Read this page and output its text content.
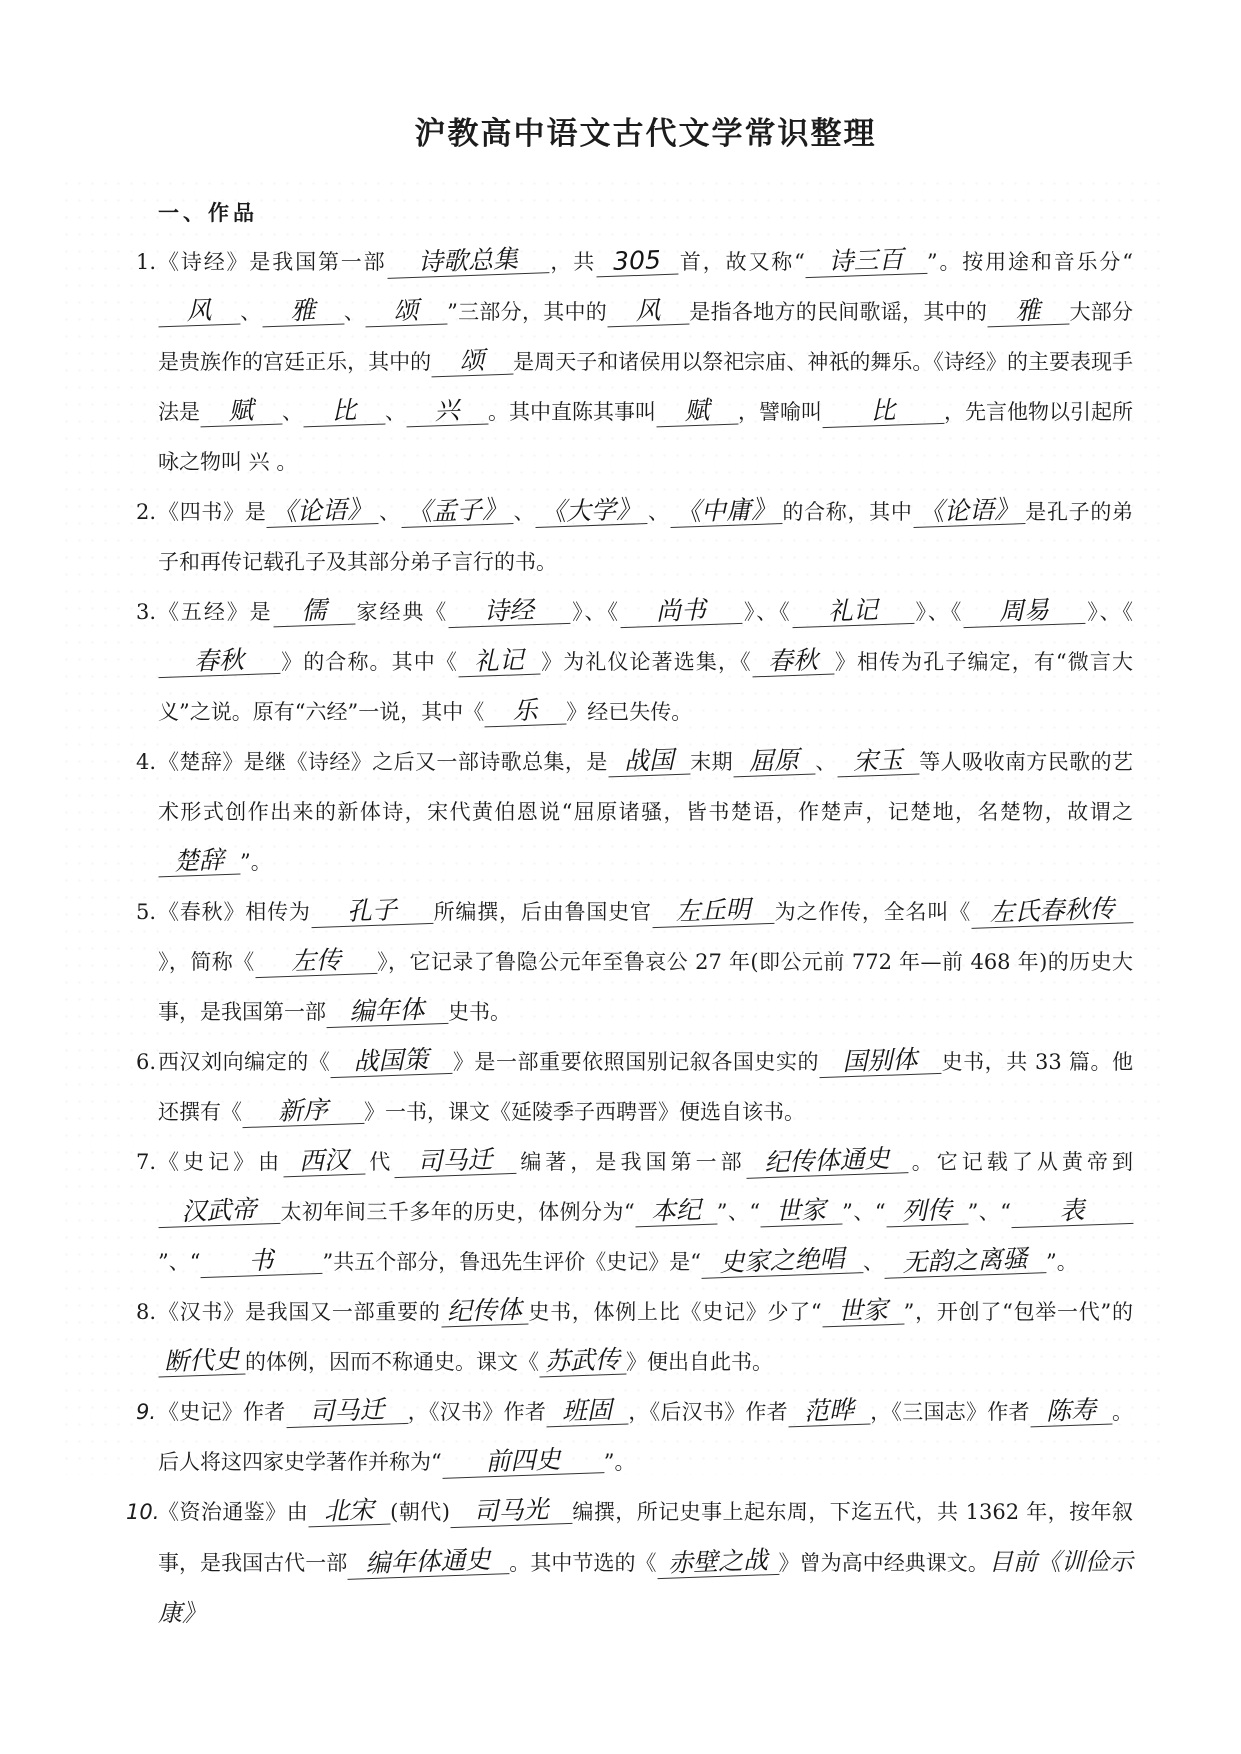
沪教高中语文古代文学常识整理
一、作品
1. 《诗经》是我国第一部 诗歌总集 ，共 305 首，故又称“ 诗三百 ”。按用途和音乐分“风 、 雅 、 颂 ”三部分，其中的 风 是指各地方的民间歌谣，其中的 雅 大部分是贵族作的宫廷正乐，其中的 颂 是周天子和诸侯用以祭祀宗庙、神祇的舞乐。《诗经》的主要表现手法是 赋 、 比 、 兴 。其中直陈其事叫 赋 ，譬喻叫 比 ，先言他物以引起所咏之物叫 兴 。
2. 《四书》是 《论语》 、 《孟子》 、 《大学》 、 《中庸》 的合称，其中 《论语》 是孔子的弟子和再传记载孔子及其部分弟子言行的书。
3. 《五经》是 儒 家经典《 诗经 》、《 尚书 》、《 礼记 》、《 周易 》、《春秋 》的合称。其中《 礼记 》为礼仪论著选集，《 春秋 》相传为孔子编定，有“微言大义”之说。原有“六经”一说，其中《 乐 》经已失传。
4. 《楚辞》是继《诗经》之后又一部诗歌总集，是 战国 末期 屈原 、 宋玉 等人吸收南方民歌的艺术形式创作出来的新体诗，宋代黄伯恩说“屈原诸骚，皆书楚语，作楚声，记楚地，名楚物，故谓之楚辞 ”。
5. 《春秋》相传为 孔子 所编撰，后由鲁国史官 左丘明 为之作传，全名叫《 左氏春秋传》，简称《 左传 》，它记录了鲁隐公元年至鲁哀公 27 年(即公元前 772 年—前 468 年)的历史大事，是我国第一部 编年体 史书。
6. 西汉刘向编定的《 战国策 》是一部重要依照国别记叙各国史实的 国别体 史书，共 33 篇。他还撰有《 新序 》一书，课文《延陵季子西聘晋》便选自该书。
7. 《史记》由 西汉 代 司马迁 编著，是我国第一部 纪传体通史 。它记载了从黄帝到汉武帝 太初年间三千多年的历史，体例分为“ 本纪 ”、“ 世家 ”、“ 列传 ”、“ 表”、“ 书 ”共五个部分，鲁迅先生评价《史记》是“ 史家之绝唱 、 无韵之离骚 ”。
8. 《汉书》是我国又一部重要的 纪传体 史书，体例上比《史记》少了“ 世家 ”，开创了“包举一代”的断代史 的体例，因而不称通史。课文《 苏武传 》便出自此书。
9. 《史记》作者 司马迁 ，《汉书》作者 班固 ，《后汉书》作者 范晔 ，《三国志》作者 陈寿 。后人将这四家史学著作并称为“ 前四史 ”。
10.
《资治通鉴》由 北宋 (朝代) 司马光 编撰，所记史事上起东周，下迄五代，共 1362 年，按年叙事，是我国古代一部 编年体通史 。其中节选的《 赤壁之战 》曾为高中经典课文。目前《训俭示康》
